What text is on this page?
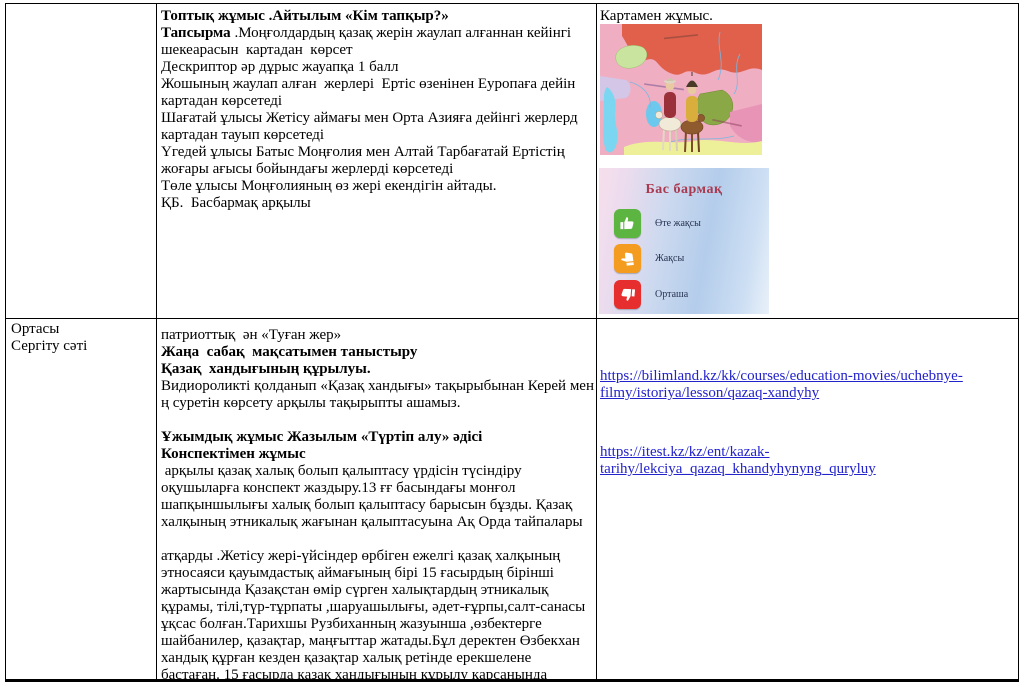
Топтық жұмыс .Айтылым «Кім тапқыр?»
Тапсырма .Моңғолдардың қазақ жерін жаулап алғаннан кейінгі
шекеарасын  картадан  көрсет
Дескриптор әр дұрыс жауапқа 1 балл
Жошының жаулап алған  жерлері  Ертіс өзенінен Еуропаға дейін
картадан көрсетеді
Шағатай ұлысы Жетісу аймағы мен Орта Азияға дейінгі жерлерд
картадан тауып көрсетеді
Үгедей ұлысы Батыс Моңғолия мен Алтай Тарбағатай Ертістің
жоғары ағысы бойындағы жерлерді көрсетеді
Төле ұлысы Моңғолияның өз жері екендігін айтады.
ҚБ.  Басбармақ арқылы
Картамен жұмыс.
Бас бармақ
Өте жақсы
Жақсы
Орташа
Ортасы
Сергіту сәті
патриоттық  ән «Туған жер»
Жаңа  сабақ  мақсатымен таныстыру
Қазақ  хандығының құрылуы.
Видиороликті қолданып «Қазақ хандығы» тақырыбынан Керей мен
ң суретін көрсету арқылы тақырыпты ашамыз.

Ұжымдық жұмыс Жазылым «Түртіп алу» әдісі
Конспектімен жұмыс
арқылы қазақ халық болып қалыптасу үрдісін түсіндіру
оқушыларға конспект жаздыру.13 ғғ басындағы монғол
шапқыншылығы халық болып қалыптасу барысын бұзды. Қазақ
халқының этникалық жағынан қалыптасуына Ақ Орда тайпалары

атқарды .Жетісу жері-үйсіндер өрбіген ежелгі қазақ халқының
этносаяси қауымдастық аймағының бірі 15 ғасырдың бірінші
жартысында Қазақстан өмір сүрген халықтардың этникалық
құрамы, тілі,түр-тұрпаты ,шаруашылығы, әдет-ғұрпы,салт-санасы
ұқсас болған.Тарихшы Рузбиханның жазуынша ,өзбектерге
шайбанилер, қазақтар, маңғыттар жатады.Бұл деректен Өзбекхан
хандық құрған кезден қазақтар халық ретінде ерекшелене
бастаған. 15 ғасырда қазақ хандығының құрылу қарсаңында
https://bilimland.kz/kk/courses/education-movies/uchebnye-
filmy/istoriya/lesson/qazaq-xandyhy
https://itest.kz/kz/ent/kazak-
tarihy/lekciya_qazaq_khandyhynyng_quryluy
